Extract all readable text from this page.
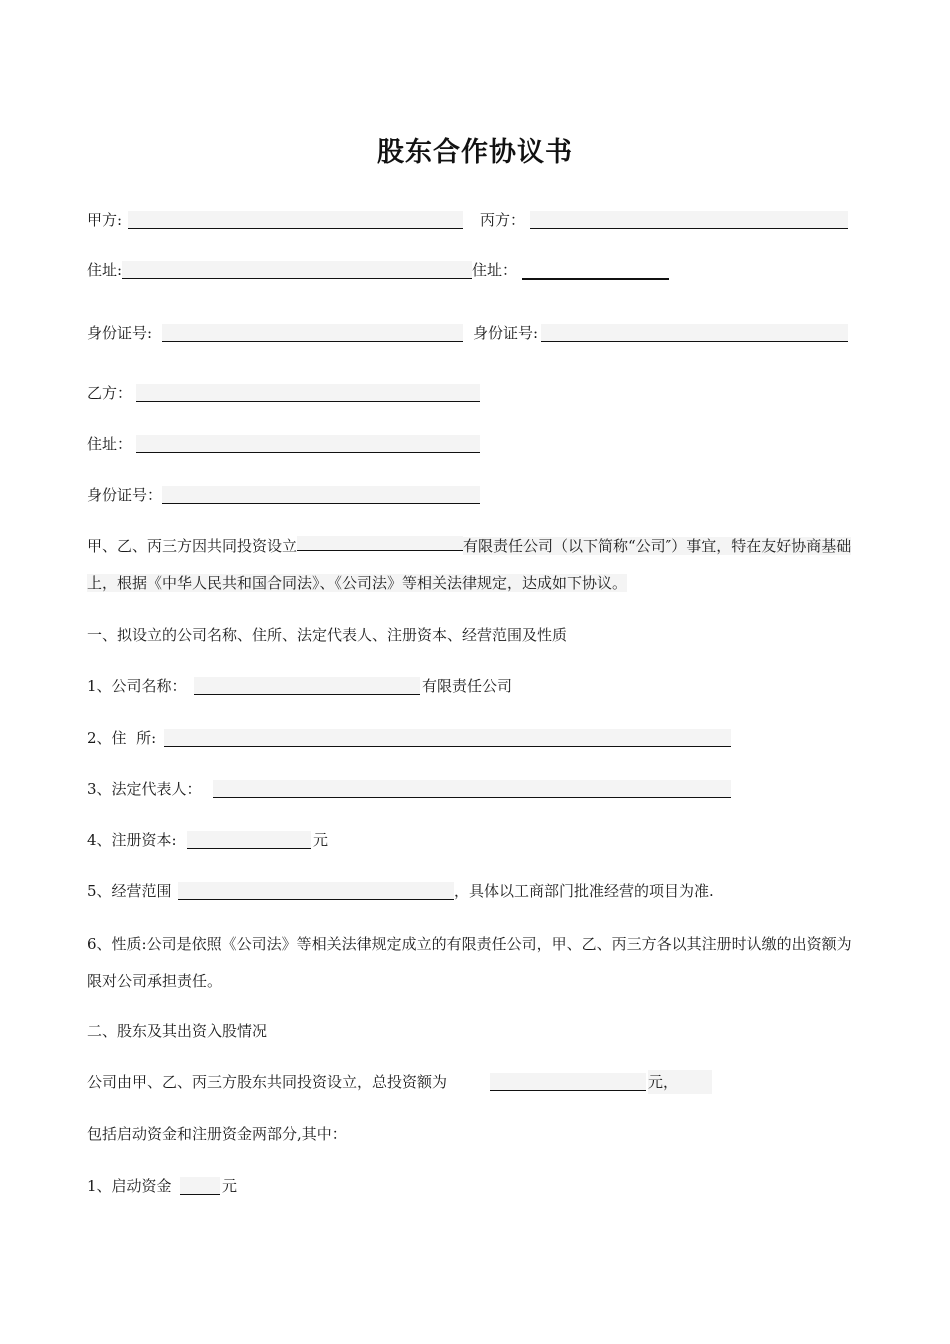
股东合作协议书
甲方:	丙方：
住址:	住址：
身份证号:	身份证号:
乙方：
住址：
身份证号：
甲、乙、丙三方因共同投资设立	有限责任公司（以下简称“公司″）事宜，特在友好协商基础上，根据《中华人民共和国合同法》、《公司法》等相关法律规定，达成如下协议。
一、拟设立的公司名称、住所、法定代表人、注册资本、经营范围及性质
1、公司名称：	有限责任公司
2、住  所:
3、法定代表人：
4、注册资本:	元
5、经营范围	，具体以工商部门批准经营的项目为准.
6、性质:公司是依照《公司法》等相关法律规定成立的有限责任公司，甲、乙、丙三方各以其注册时认缴的出资额为限对公司承担责任。
二、股东及其出资入股情况
公司由甲、乙、丙三方股东共同投资设立，总投资额为	元，
包括启动资金和注册资金两部分,其中：
1、启动资金	元
